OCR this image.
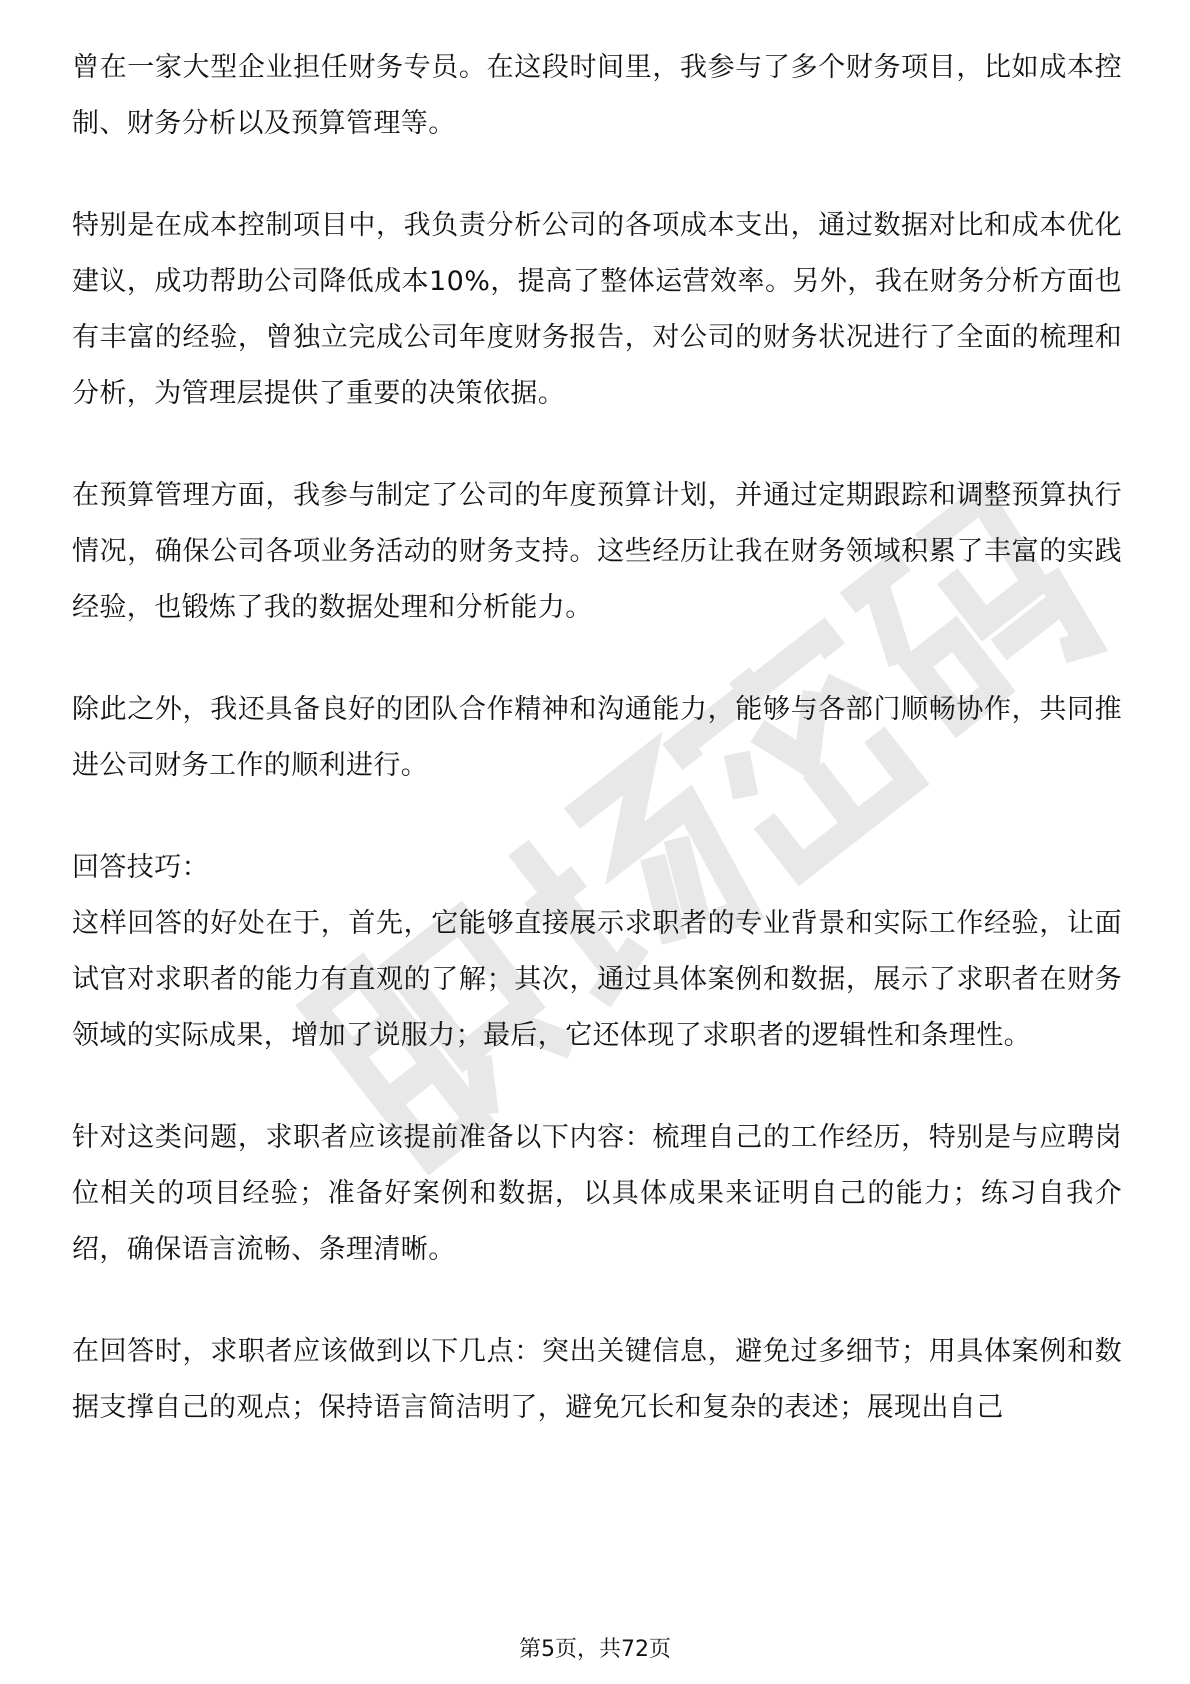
曾在一家大型企业担任财务专员。在这段时间里，我参与了多个财务项目，比如成本控制、财务分析以及预算管理等。

特别是在成本控制项目中，我负责分析公司的各项成本支出，通过数据对比和成本优化建议，成功帮助公司降低成本10%，提高了整体运营效率。另外，我在财务分析方面也有丰富的经验，曾独立完成公司年度财务报告，对公司的财务状况进行了全面的梳理和分析，为管理层提供了重要的决策依据。

在预算管理方面，我参与制定了公司的年度预算计划，并通过定期跟踪和调整预算执行情况，确保公司各项业务活动的财务支持。这些经历让我在财务领域积累了丰富的实践经验，也锻炼了我的数据处理和分析能力。

除此之外，我还具备良好的团队合作精神和沟通能力，能够与各部门顺畅协作，共同推进公司财务工作的顺利进行。

回答技巧：

这样回答的好处在于，首先，它能够直接展示求职者的专业背景和实际工作经验，让面试官对求职者的能力有直观的了解；其次，通过具体案例和数据，展示了求职者在财务领域的实际成果，增加了说服力；最后，它还体现了求职者的逻辑性和条理性。

针对这类问题，求职者应该提前准备以下内容：梳理自己的工作经历，特别是与应聘岗位相关的项目经验；准备好案例和数据，以具体成果来证明自己的能力；练习自我介绍，确保语言流畅、条理清晰。

在回答时，求职者应该做到以下几点：突出关键信息，避免过多细节；用具体案例和数据支撑自己的观点；保持语言简洁明了，避免冗长和复杂的表述；展现出自己

第5页，共72页
